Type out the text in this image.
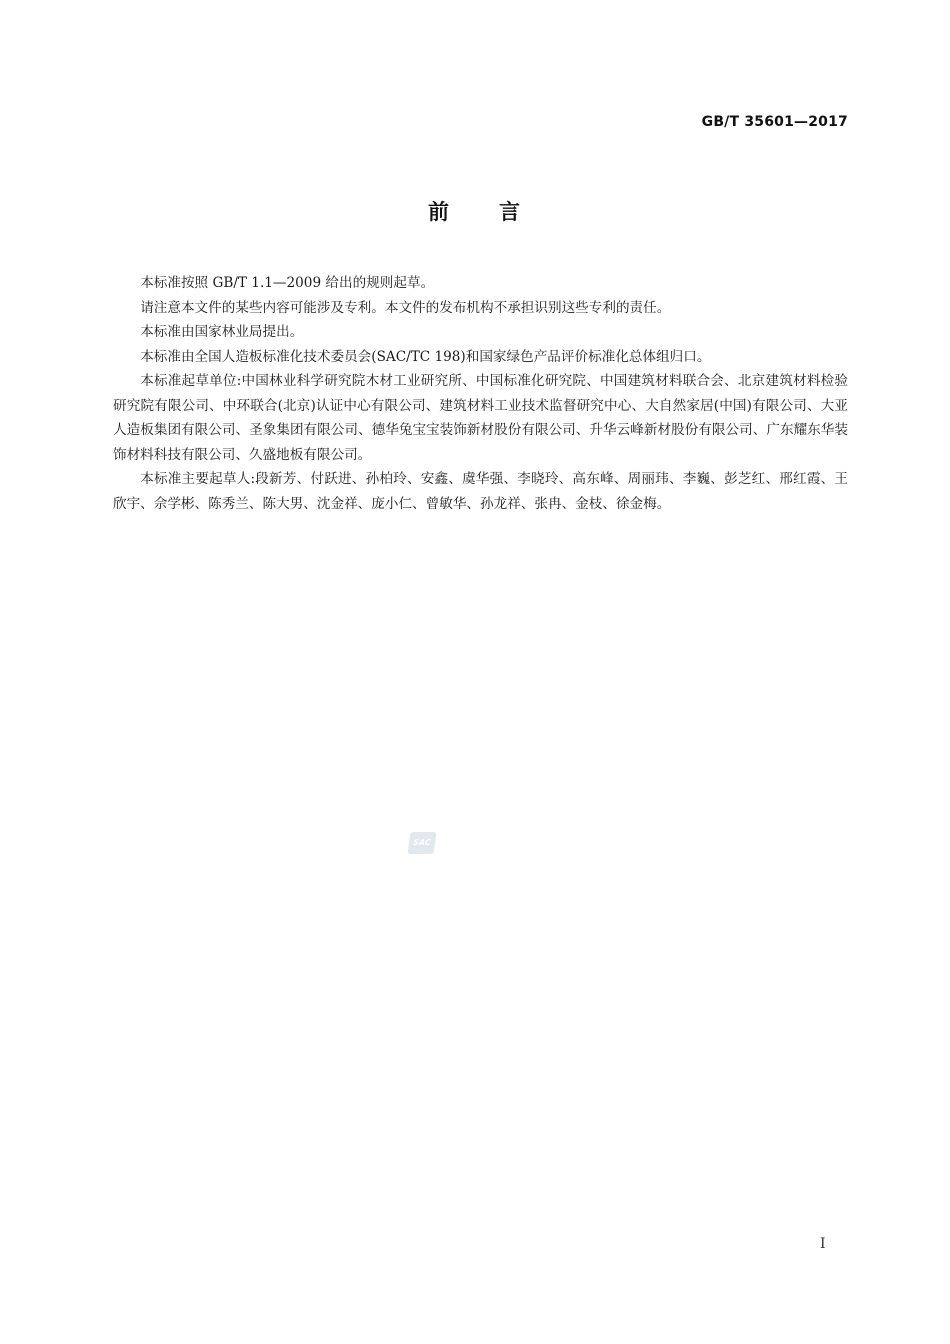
GB/T 35601—2017
前 言

本标准按照 GB/T 1.1—2009 给出的规则起草。

请注意本文件的某些内容可能涉及专利。本文件的发布机构不承担识别这些专利的责任。

本标准由国家林业局提出。

本标准由全国人造板标准化技术委员会(SAC/TC 198)和国家绿色产品评价标准化总体组归口。

本标准起草单位:中国林业科学研究院木材工业研究所、中国标准化研究院、中国建筑材料联合会、北京建筑材料检验研究院有限公司、中环联合(北京)认证中心有限公司、建筑材料工业技术监督研究中心、大自然家居(中国)有限公司、大亚人造板集团有限公司、圣象集团有限公司、德华兔宝宝装饰新材股份有限公司、升华云峰新材股份有限公司、广东耀东华装饰材料科技有限公司、久盛地板有限公司。

本标准主要起草人:段新芳、付跃进、孙柏玲、安鑫、虞华强、李晓玲、高东峰、周丽玮、李巍、彭芝红、邢红霞、王欣宇、佘学彬、陈秀兰、陈大男、沈金祥、庞小仁、曾敏华、孙龙祥、张冉、金枝、徐金梅。

SAC
I
